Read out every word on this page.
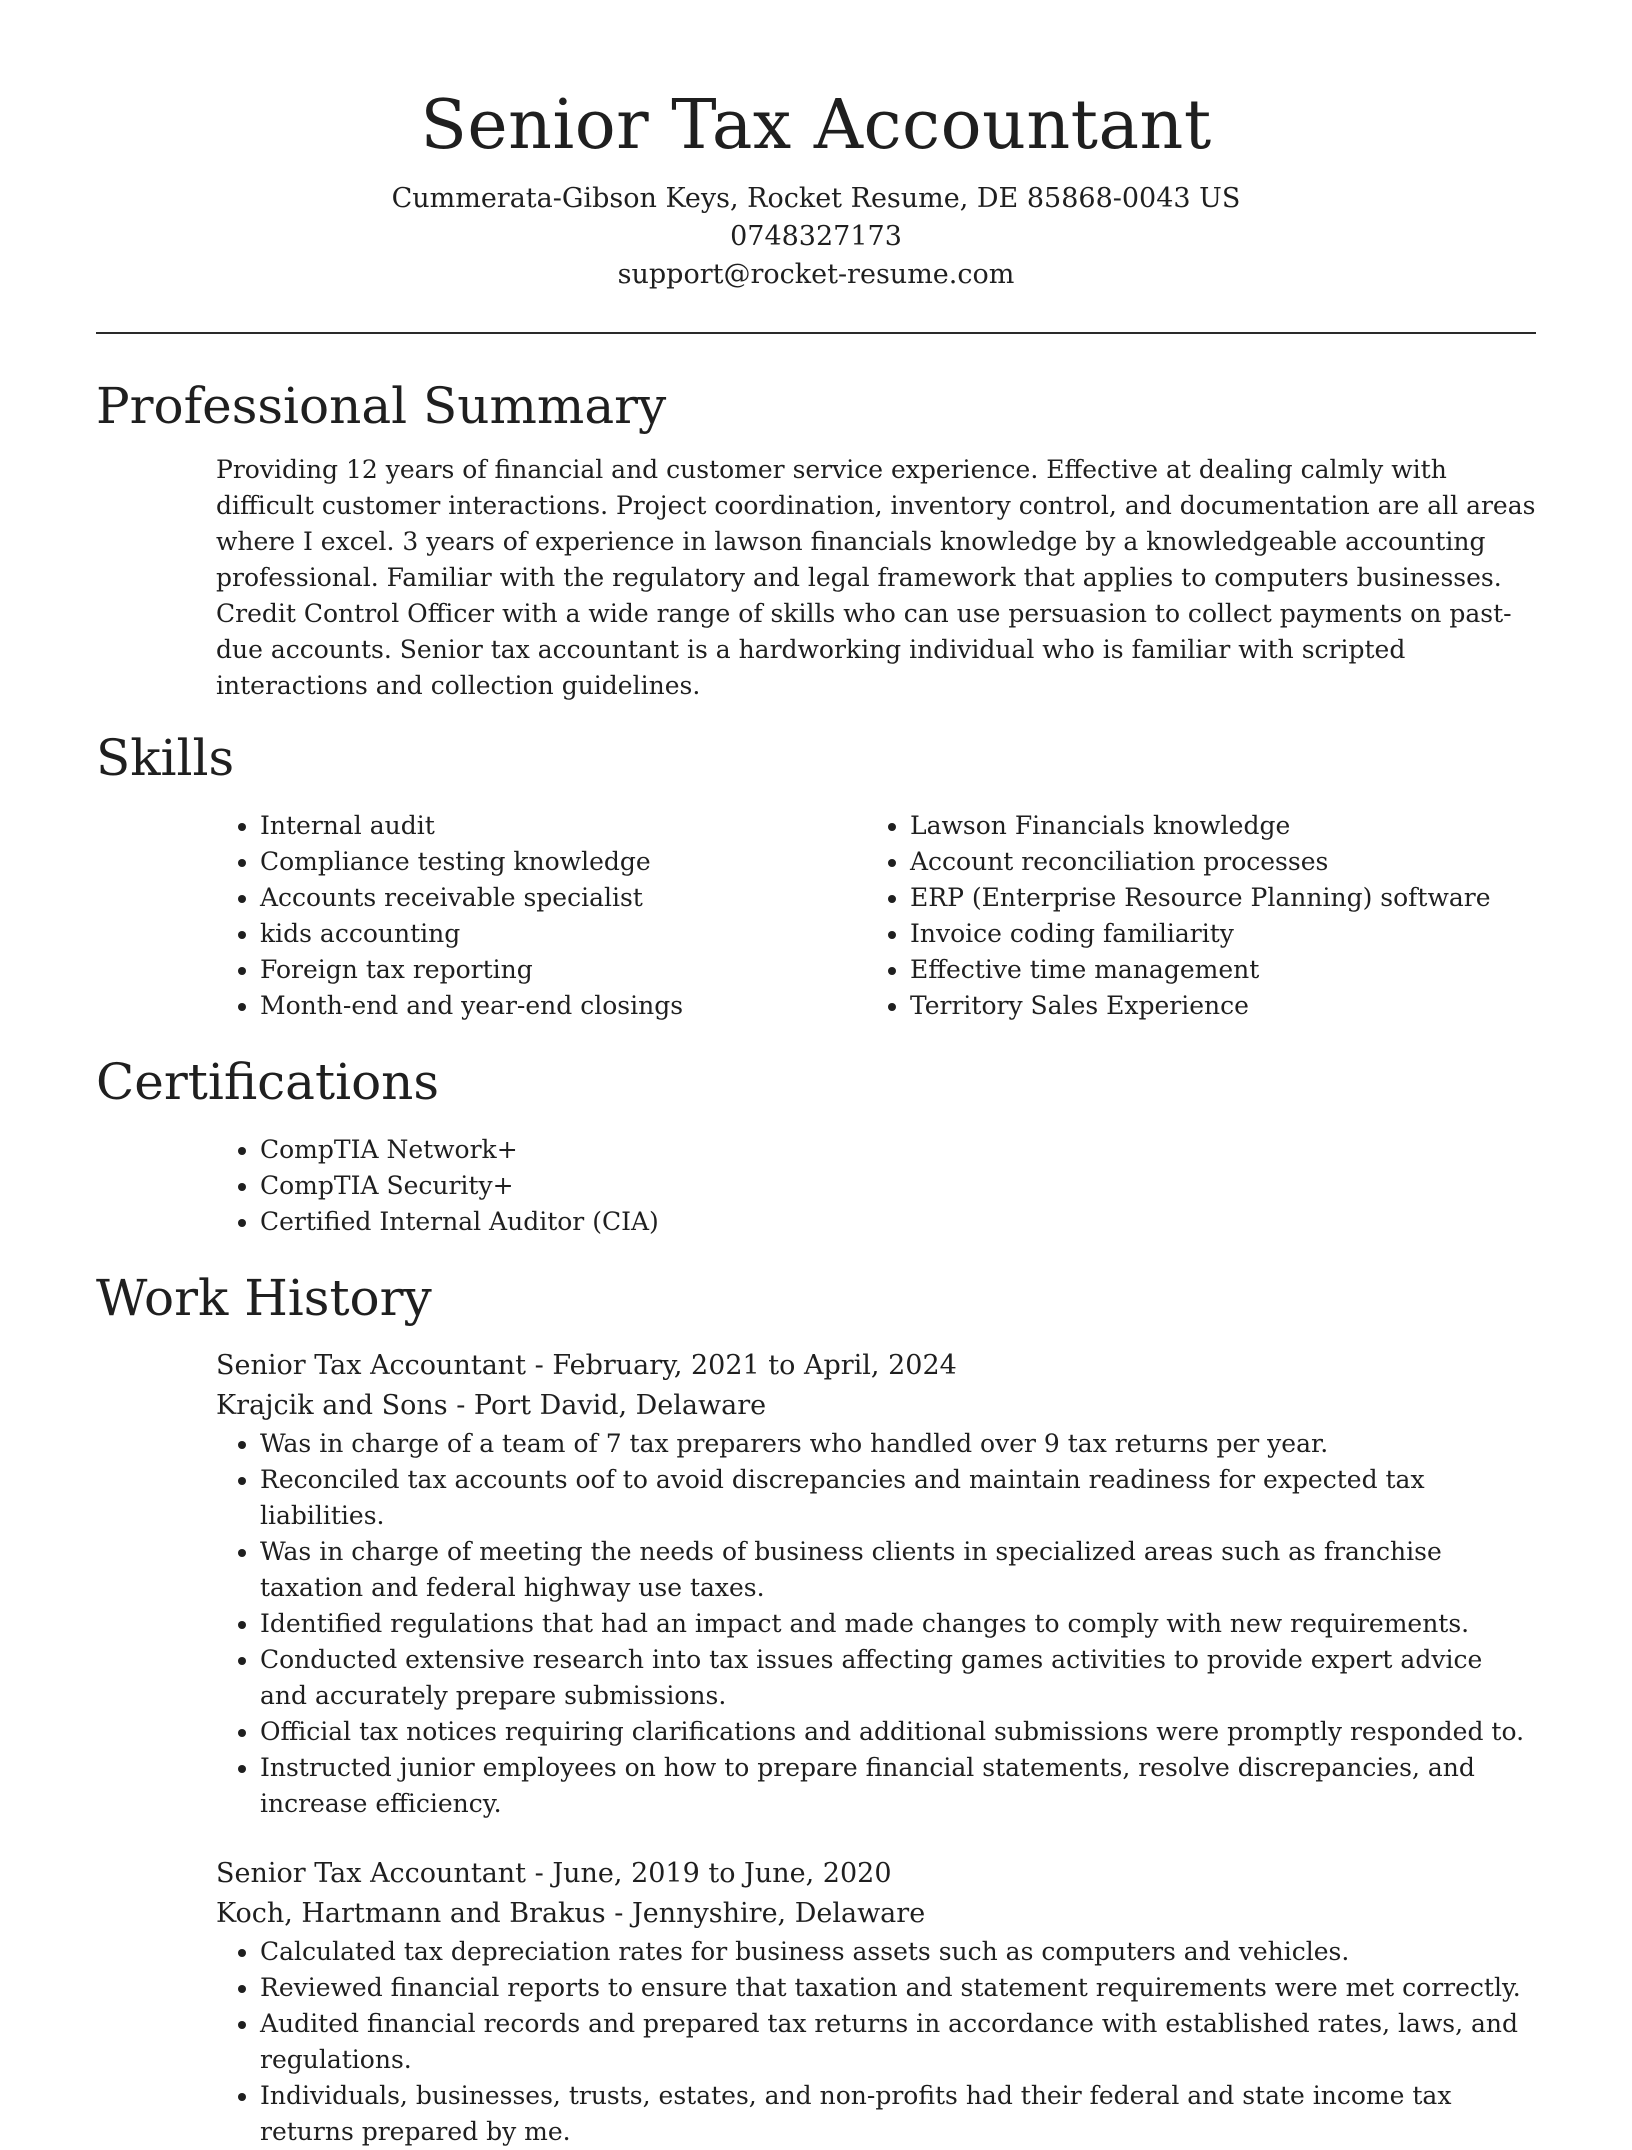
Senior Tax Accountant
Cummerata-Gibson Keys, Rocket Resume, DE 85868-0043 US
0748327173
support@rocket-resume.com
Professional Summary

Providing 12 years of financial and customer service experience. Effective at dealing calmly with difficult customer interactions. Project coordination, inventory control, and documentation are all areas where I excel. 3 years of experience in lawson financials knowledge by a knowledgeable accounting professional. Familiar with the regulatory and legal framework that applies to computers businesses. Credit Control Officer with a wide range of skills who can use persuasion to collect payments on past-due accounts. Senior tax accountant is a hardworking individual who is familiar with scripted interactions and collection guidelines.

Skills
• Internal audit
• Compliance testing knowledge
• Accounts receivable specialist
• kids accounting
• Foreign tax reporting
• Month-end and year-end closings
• Lawson Financials knowledge
• Account reconciliation processes
• ERP (Enterprise Resource Planning) software
• Invoice coding familiarity
• Effective time management
• Territory Sales Experience
Certifications
• CompTIA Network+
• CompTIA Security+
• Certified Internal Auditor (CIA)
Work History
Senior Tax Accountant - February, 2021 to April, 2024
Krajcik and Sons - Port David, Delaware
• Was in charge of a team of 7 tax preparers who handled over 9 tax returns per year.
• Reconciled tax accounts oof to avoid discrepancies and maintain readiness for expected tax liabilities.
• Was in charge of meeting the needs of business clients in specialized areas such as franchise taxation and federal highway use taxes.
• Identified regulations that had an impact and made changes to comply with new requirements.
• Conducted extensive research into tax issues affecting games activities to provide expert advice and accurately prepare submissions.
• Official tax notices requiring clarifications and additional submissions were promptly responded to.
• Instructed junior employees on how to prepare financial statements, resolve discrepancies, and increase efficiency.
Senior Tax Accountant - June, 2019 to June, 2020
Koch, Hartmann and Brakus - Jennyshire, Delaware
• Calculated tax depreciation rates for business assets such as computers and vehicles.
• Reviewed financial reports to ensure that taxation and statement requirements were met correctly.
• Audited financial records and prepared tax returns in accordance with established rates, laws, and regulations.
• Individuals, businesses, trusts, estates, and non-profits had their federal and state income tax returns prepared by me.
